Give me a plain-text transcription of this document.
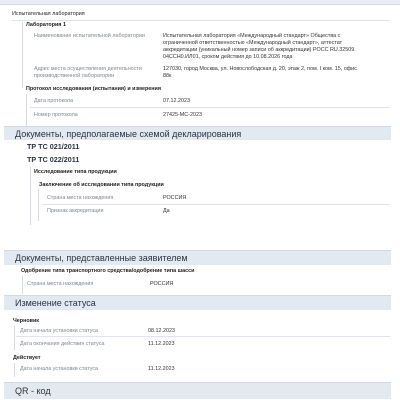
Испытательная лаборатория
Лаборатория 1
Наименование испытательной лаборатории	Испытательная лаборатория «Международный стандарт» Общества с
ограниченной ответственностью «Международный стандарт», аттестат
аккредитации (уникальный номер записи об аккредитации) POCC RU.32509.
04ССН0.ИЛ01, сроком действия до 10.08.2026 года
Адрес места осуществления деятельности
производственной лаборатории
127030, город Москва, ул. Новослободская д. 20, этаж 2, пом. I ком. 15, офис
88к
Протокол исследования (испытания) и измерения
Дата протокола	07.12.2023
Номер протокола	27425-МС-2023
Документы, предполагаемые схемой декларирования
ТР ТС 021/2011
ТР ТС 022/2011
Исследование типа продукции
Заключение об исследовании типа продукции
Страна места нахождения	РОССИЯ
Признак аккредитации	Да
Документы, представленные заявителем
Одобрение типа транспортного средства/одобрение типа шасси
Страна места нахождения	РОССИЯ
Изменение статуса
Черновик
Дата начала установки статуса	08.12.2023
Дата окончания действия статуса	11.12.2023
Действует
Дата начала установки статуса	11.12.2023
QR - код
